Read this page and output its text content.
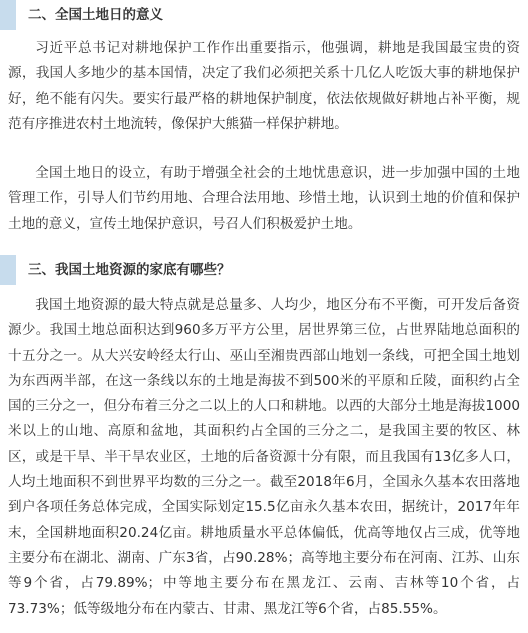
二、全国土地日的意义

习近平总书记对耕地保护工作作出重要指示，他强调，耕地是我国最宝贵的资源，我国人多地少的基本国情，决定了我们必须把关系十几亿人吃饭大事的耕地保护好，绝不能有闪失。要实行最严格的耕地保护制度，依法依规做好耕地占补平衡，规范有序推进农村土地流转，像保护大熊猫一样保护耕地。

全国土地日的设立，有助于增强全社会的土地忧患意识，进一步加强中国的土地管理工作，引导人们节约用地、合理合法用地、珍惜土地，认识到土地的价值和保护土地的意义，宣传土地保护意识，号召人们积极爱护土地。

三、我国土地资源的家底有哪些？

我国土地资源的最大特点就是总量多、人均少，地区分布不平衡，可开发后备资源少。我国土地总面积达到960多万平方公里，居世界第三位，占世界陆地总面积的十五分之一。从大兴安岭经太行山、巫山至湘贵西部山地划一条线，可把全国土地划为东西两半部，在这一条线以东的土地是海拔不到500米的平原和丘陵，面积约占全国的三分之一，但分布着三分之二以上的人口和耕地。以西的大部分土地是海拔1000米以上的山地、高原和盆地，其面积约占全国的三分之二，是我国主要的牧区、林区，或是干旱、半干旱农业区，土地的后备资源十分有限，而且我国有13亿多人口，人均土地面积不到世界平均数的三分之一。截至2018年6月，全国永久基本农田落地到户各项任务总体完成，全国实际划定15.5亿亩永久基本农田，据统计，2017年年末，全国耕地面积20.24亿亩。耕地质量水平总体偏低，优高等地仅占三成，优等地主要分布在湖北、湖南、广东3省，占90.28%；高等地主要分布在河南、江苏、山东等9个省，占79.89%；中等地主要分布在黑龙江、云南、吉林等10个省，占73.73%；低等级地分布在内蒙古、甘肃、黑龙江等6个省，占85.55%。
